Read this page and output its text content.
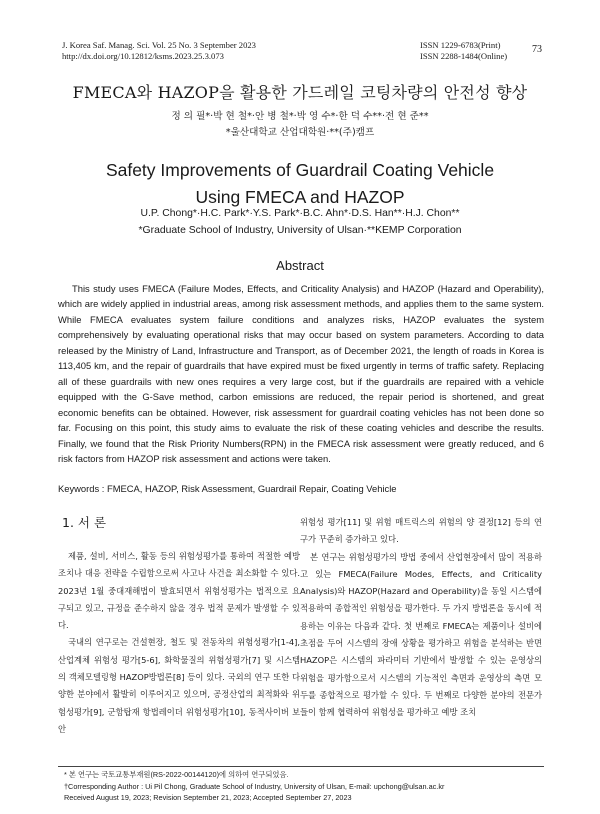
J. Korea Saf. Manag. Sci. Vol. 25 No. 3 September 2023
http://dx.doi.org/10.12812/ksms.2023.25.3.073
ISSN 1229-6783(Print)
ISSN 2288-1484(Online)
73
FMECA와 HAZOP을 활용한 가드레일 코팅차량의 안전성 향상
정 의 필*·박 현 철*·안 병 철*·박 영 수*·한 덕 수**·전 현 준**
*울산대학교 산업대학원·**(주)캠프
Safety Improvements of Guardrail Coating Vehicle
Using FMECA and HAZOP
U.P. Chong*·H.C. Park*·Y.S. Park*·B.C. Ahn*·D.S. Han**·H.J. Chon**
*Graduate School of Industry, University of Ulsan·**KEMP Corporation
Abstract

This study uses FMECA (Failure Modes, Effects, and Criticality Analysis) and HAZOP (Hazard and Operability), which are widely applied in industrial areas, among risk assessment methods, and applies them to the same system. While FMECA evaluates system failure conditions and analyzes risks, HAZOP evaluates the system comprehensively by evaluating operational risks that may occur based on system parameters. According to data released by the Ministry of Land, Infrastructure and Transport, as of December 2021, the length of roads in Korea is 113,405 km, and the repair of guardrails that have expired must be fixed urgently in terms of traffic safety. Replacing all of these guardrails with new ones requires a very large cost, but if the guardrails are repaired with a vehicle equipped with the G-Save method, carbon emissions are reduced, the repair period is shortened, and great economic benefits can be obtained. However, risk assessment for guardrail coating vehicles has not been done so far. Focusing on this point, this study aims to evaluate the risk of these coating vehicles and describe the results. Finally, we found that the Risk Priority Numbers(RPN) in the FMECA risk assessment were greatly reduced, and 6 risk factors from HAZOP risk assessment and actions were taken.

Keywords : FMECA, HAZOP, Risk Assessment, Guardrail Repair, Coating Vehicle
1. 서 론

제품, 설비, 서비스, 활동 등의 위험성평가를 통하여 적절한 예방 조치나 대응 전략을 수립함으로써 사고나 사건을 최소화할 수 있다. 2023년 1월 중대재해법이 발효되면서 위험성평가는 법적으로 요구되고 있고, 규정을 준수하지 않을 경우 법적 문제가 발생할 수 있다.

국내의 연구로는 건설현장, 철도 및 전동차의 위험성평가[1-4], 산업계체 위험성 평가[5-6], 화학물질의 위험성평가[7] 및 시스템의 객체모델링형 HAZOP방법론[8] 등이 있다. 국외의 연구 또한 다양한 분야에서 활발히 이루어지고 있으며, 공정산업의 최적화와 위험성평가[9], 군함탑재 항법레이더 위험성평가[10], 동적사이버 보안

위험성 평가[11] 및 위험 매트릭스의 위험의 양 결정[12] 등의 연구가 꾸준히 증가하고 있다.

본 연구는 위험성평가의 방법 중에서 산업현장에서 많이 적용하고 있는 FMECA(Failure Modes, Effects, and Criticality Analysis)와 HAZOP(Hazard and Operability)을 동일 시스템에 적용하여 종합적인 위험성을 평가한다. 두 가지 방법론을 동시에 적용하는 이유는 다음과 같다. 첫 번째로 FMECA는 제품이나 설비에 초점을 두어 시스템의 장애 상황을 평가하고 위험을 분석하는 반면 HAZOP은 시스템의 파라미터 기반에서 발생할 수 있는 운영상의 위험을 평가함으로서 시스템의 기능적인 측면과 운영상의 측면 모두를 종합적으로 평가할 수 있다. 두 번째로 다양한 분야의 전문가들이 함께 협력하여 위험성을 평가하고 예방 조치

* 본 연구는 국토교통부재원(RS-2022-00144120)에 의하여 연구되었음.
†Corresponding Author : Ui Pil Chong, Graduate School of Industry, University of Ulsan, E-mail: upchong@ulsan.ac.kr
Received August 19, 2023; Revision September 21, 2023; Accepted September 27, 2023
